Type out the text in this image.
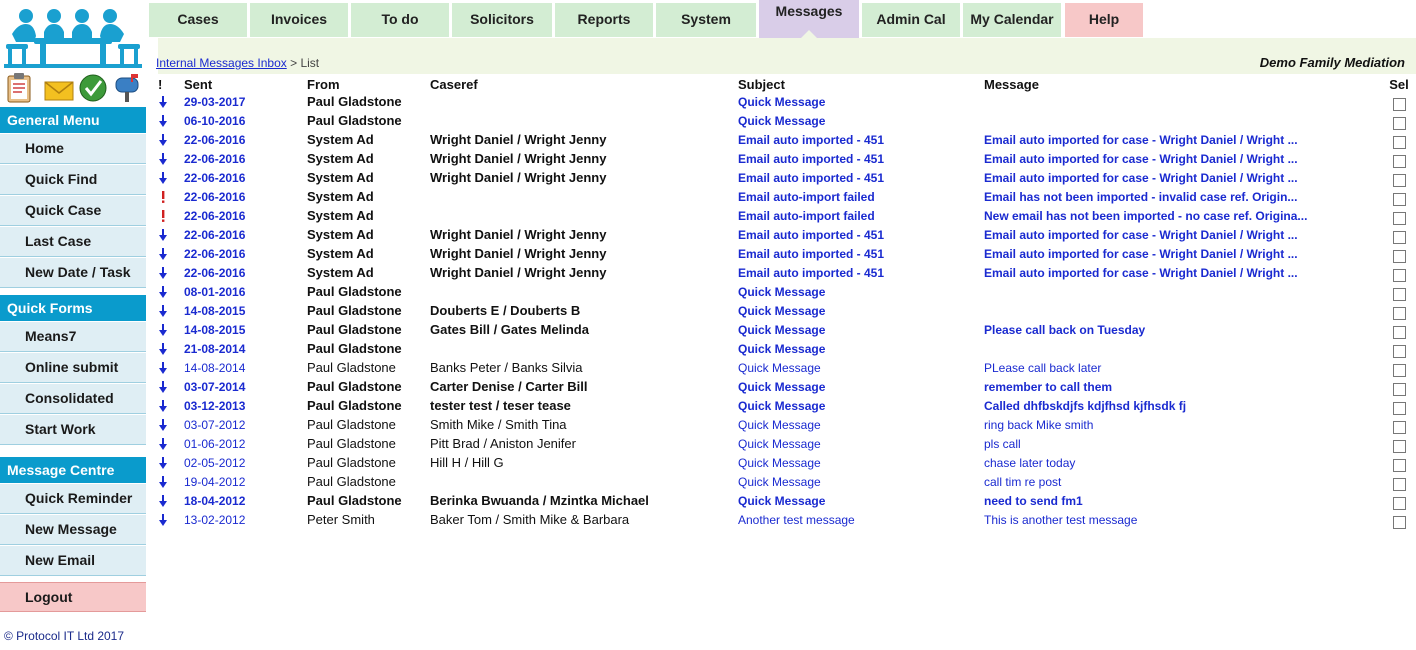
General Menu
Home
Quick Find
Quick Case
Last Case
New Date / Task
Quick Forms
Means7
Online submit
Consolidated
Start Work
Message Centre
Quick Reminder
New Message
New Email
Logout
© Protocol IT Ltd 2017
Cases	Invoices	To do	Solicitors	Reports	System	Messages	Admin Cal	My Calendar	Help
Internal Messages Inbox > List	Demo Family Mediation
!	Sent	From	Caseref	Subject	Message	Sel
	29-03-2017	Paul Gladstone		Quick Message		
	06-10-2016	Paul Gladstone		Quick Message		
	22-06-2016	System Ad	Wright Daniel / Wright Jenny	Email auto imported - 451	Email auto imported for case - Wright Daniel / Wright ...	
	22-06-2016	System Ad	Wright Daniel / Wright Jenny	Email auto imported - 451	Email auto imported for case - Wright Daniel / Wright ...	
	22-06-2016	System Ad	Wright Daniel / Wright Jenny	Email auto imported - 451	Email auto imported for case - Wright Daniel / Wright ...	
	22-06-2016	System Ad		Email auto-import failed	Email has not been imported - invalid case ref. Origin...	
	22-06-2016	System Ad		Email auto-import failed	New email has not been imported - no case ref. Origina...	
	22-06-2016	System Ad	Wright Daniel / Wright Jenny	Email auto imported - 451	Email auto imported for case - Wright Daniel / Wright ...	
	22-06-2016	System Ad	Wright Daniel / Wright Jenny	Email auto imported - 451	Email auto imported for case - Wright Daniel / Wright ...	
	22-06-2016	System Ad	Wright Daniel / Wright Jenny	Email auto imported - 451	Email auto imported for case - Wright Daniel / Wright ...	
	08-01-2016	Paul Gladstone		Quick Message		
	14-08-2015	Paul Gladstone	Douberts E / Douberts B	Quick Message		
	14-08-2015	Paul Gladstone	Gates Bill / Gates Melinda	Quick Message	Please call back on Tuesday	
	21-08-2014	Paul Gladstone		Quick Message		
	14-08-2014	Paul Gladstone	Banks Peter / Banks Silvia	Quick Message	PLease call back later	
	03-07-2014	Paul Gladstone	Carter Denise / Carter Bill	Quick Message	remember to call them	
	03-12-2013	Paul Gladstone	tester test / teser tease	Quick Message	Called dhfbskdjfs kdjfhsd kjfhsdk fj	
	03-07-2012	Paul Gladstone	Smith Mike / Smith Tina	Quick Message	ring back Mike smith	
	01-06-2012	Paul Gladstone	Pitt Brad / Aniston Jenifer	Quick Message	pls call	
	02-05-2012	Paul Gladstone	Hill H / Hill G	Quick Message	chase later today	
	19-04-2012	Paul Gladstone		Quick Message	call tim re post	
	18-04-2012	Paul Gladstone	Berinka Bwuanda / Mzintka Michael	Quick Message	need to send fm1	
	13-02-2012	Peter Smith	Baker Tom / Smith Mike & Barbara	Another test message	This is another test message	
